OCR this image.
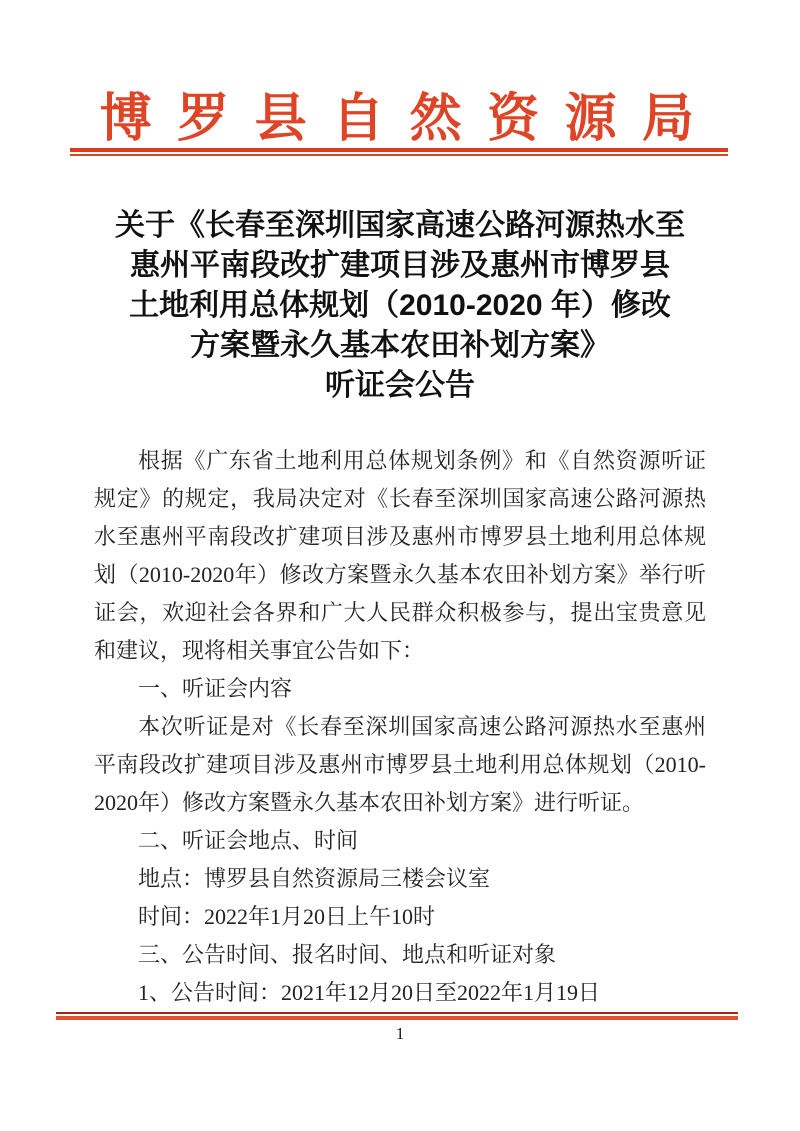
博 罗 县 自 然 资 源 局
关于《长春至深圳国家高速公路河源热水至
惠州平南段改扩建项目涉及惠州市博罗县
土地利用总体规划（2010-2020 年）修改
方案暨永久基本农田补划方案》
听证会公告

根据《广东省土地利用总体规划条例》和《自然资源听证规定》的规定，我局决定对《长春至深圳国家高速公路河源热水至惠州平南段改扩建项目涉及惠州市博罗县土地利用总体规划（2010-2020年）修改方案暨永久基本农田补划方案》举行听证会，欢迎社会各界和广大人民群众积极参与，提出宝贵意见和建议，现将相关事宜公告如下：

一、听证会内容

本次听证是对《长春至深圳国家高速公路河源热水至惠州平南段改扩建项目涉及惠州市博罗县土地利用总体规划（2010-2020年）修改方案暨永久基本农田补划方案》进行听证。

二、听证会地点、时间

地点：博罗县自然资源局三楼会议室

时间：2022年1月20日上午10时

三、公告时间、报名时间、地点和听证对象

1、公告时间：2021年12月20日至2022年1月19日

1
